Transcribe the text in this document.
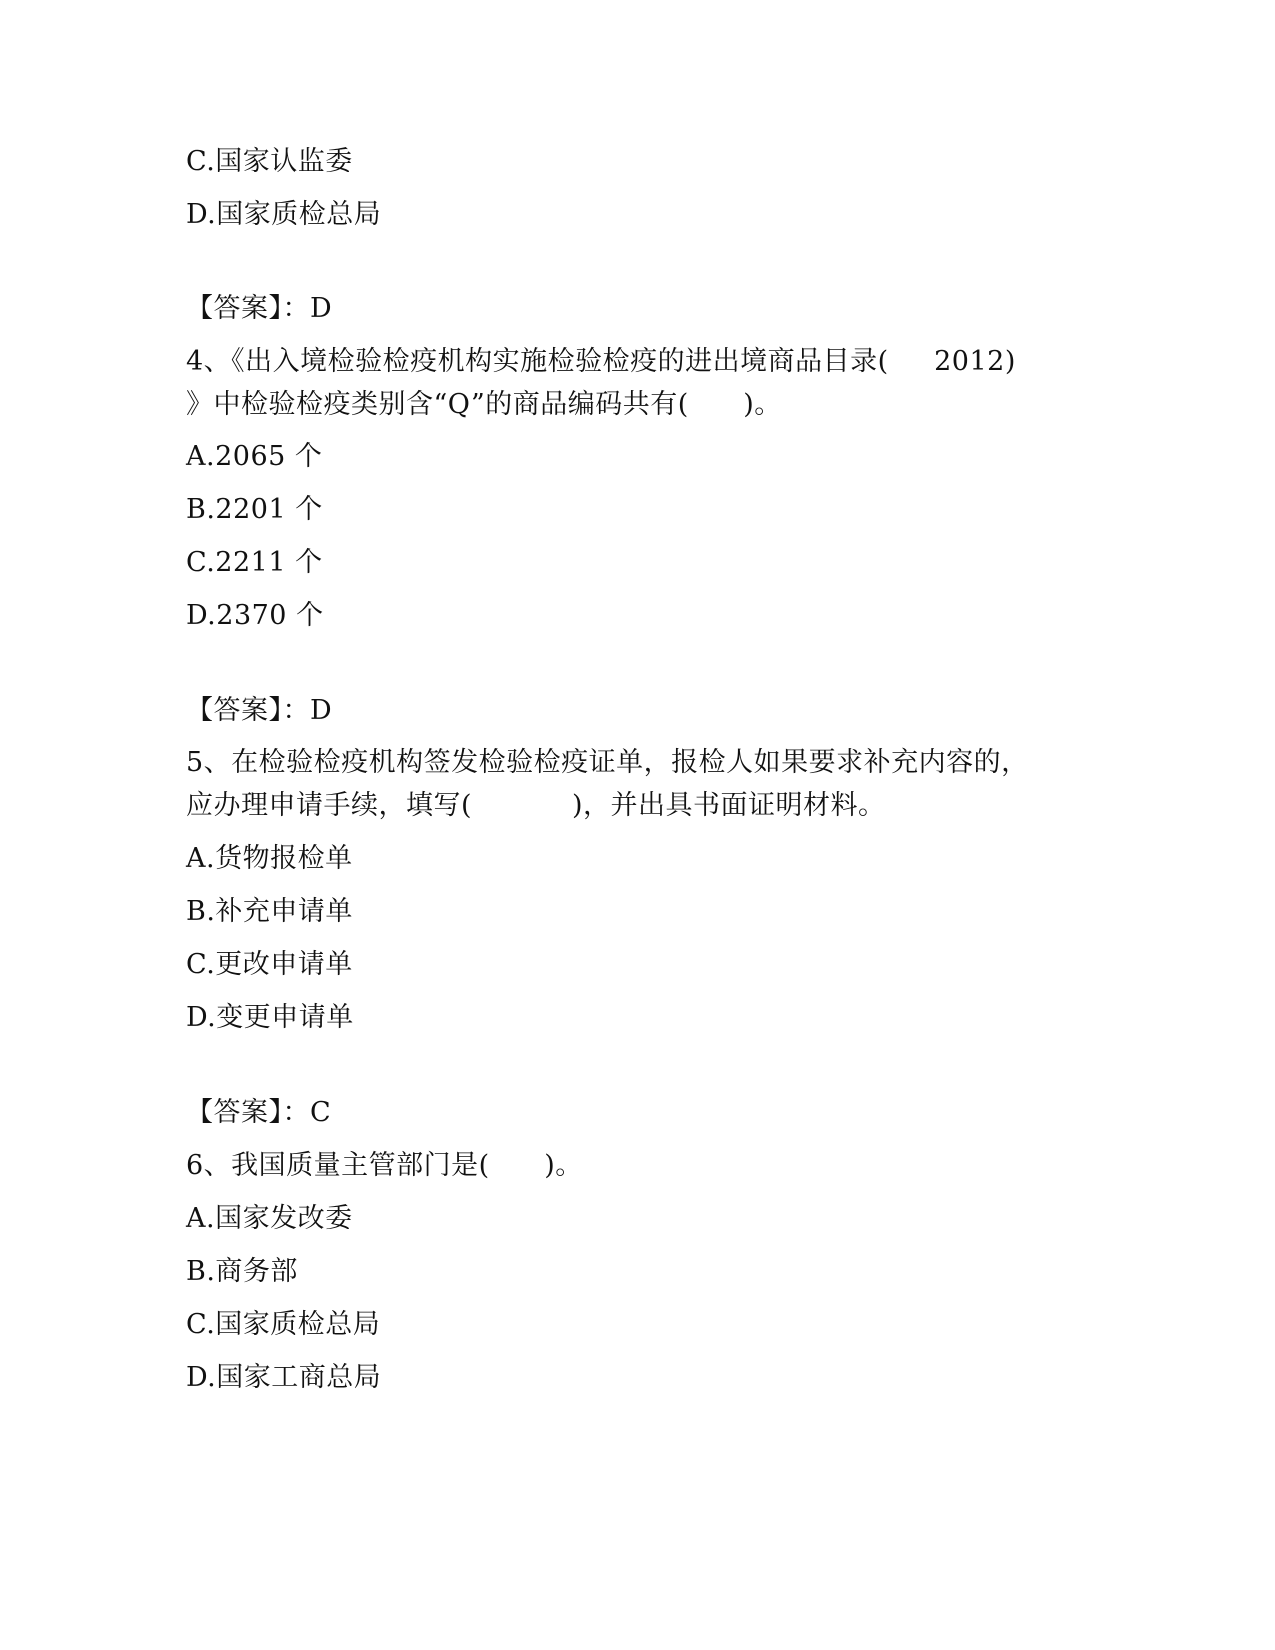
C.国家认监委
D.国家质检总局
【答案】：D
4、《出入境检验检疫机构实施检验检疫的进出境商品目录(     2012)
》中检验检疫类别含“Q”的商品编码共有(      )。
A.2065 个
B.2201 个
C.2211 个
D.2370 个
【答案】：D
5、在检验检疫机构签发检验检疫证单，报检人如果要求补充内容的，
应办理申请手续，填写(           )，并出具书面证明材料。
A.货物报检单
B.补充申请单
C.更改申请单
D.变更申请单
【答案】：C
6、我国质量主管部门是(      )。
A.国家发改委
B.商务部
C.国家质检总局
D.国家工商总局
